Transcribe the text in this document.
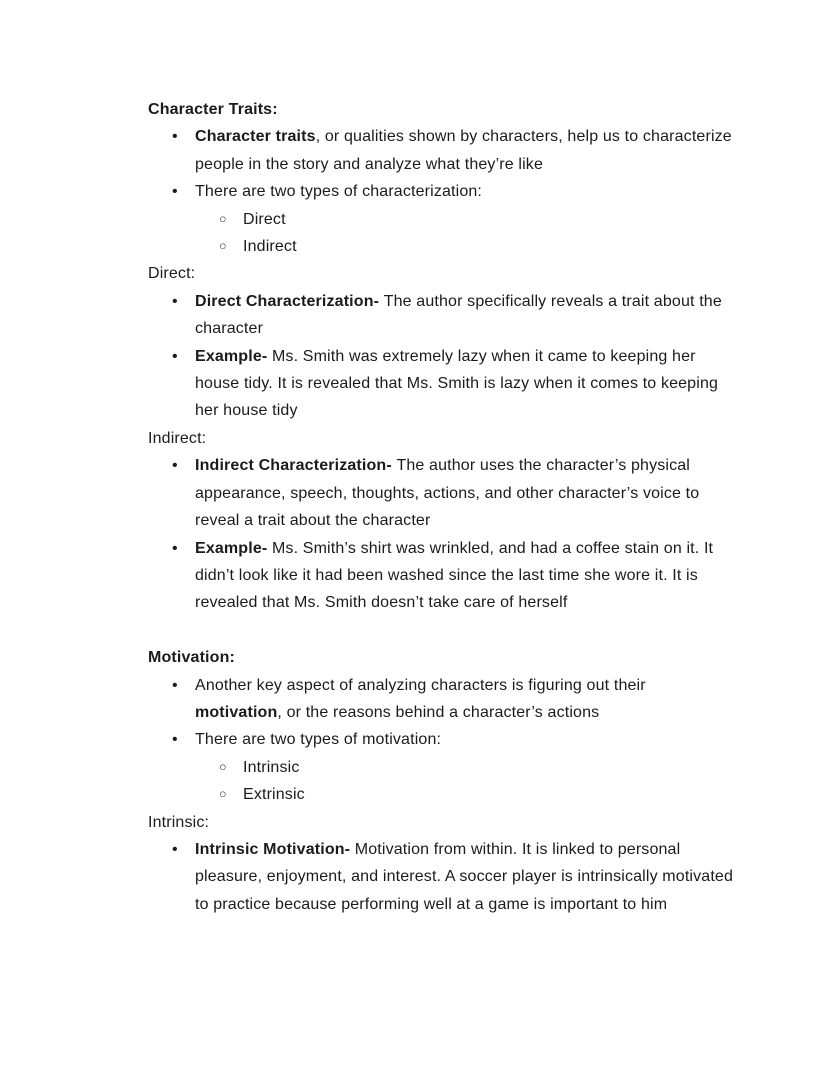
Character Traits:
• Character traits, or qualities shown by characters, help us to characterize people in the story and analyze what they’re like
• There are two types of characterization:
○ Direct
○ Indirect
Direct:
• Direct Characterization- The author specifically reveals a trait about the character
• Example- Ms. Smith was extremely lazy when it came to keeping her house tidy. It is revealed that Ms. Smith is lazy when it comes to keeping her house tidy
Indirect:
• Indirect Characterization- The author uses the character’s physical appearance, speech, thoughts, actions, and other character’s voice to reveal a trait about the character
• Example- Ms. Smith’s shirt was wrinkled, and had a coffee stain on it. It didn’t look like it had been washed since the last time she wore it. It is revealed that Ms. Smith doesn’t take care of herself
Motivation:
• Another key aspect of analyzing characters is figuring out their motivation, or the reasons behind a character’s actions
• There are two types of motivation:
○ Intrinsic
○ Extrinsic
Intrinsic:
• Intrinsic Motivation- Motivation from within. It is linked to personal pleasure, enjoyment, and interest. A soccer player is intrinsically motivated to practice because performing well at a game is important to him
